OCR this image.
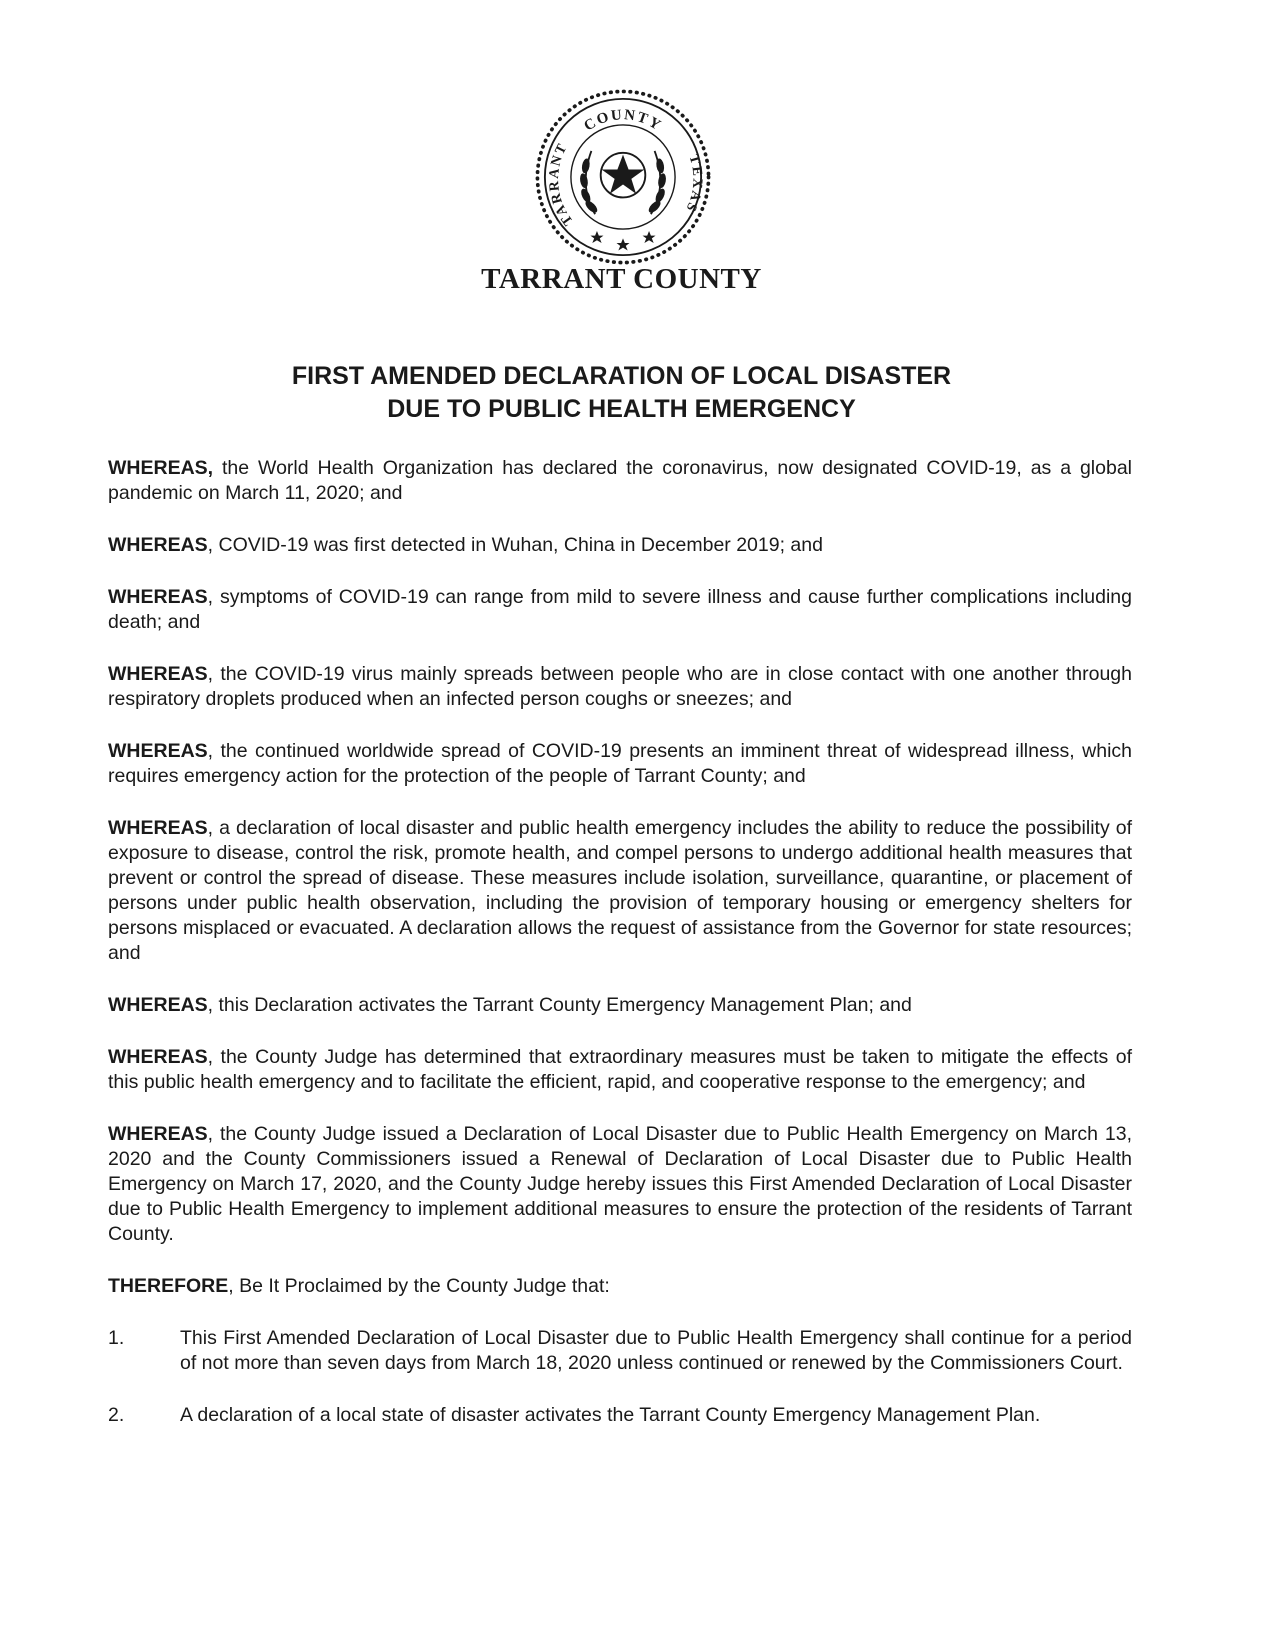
COUNTY
TARRANT
TEXAS
TARRANT COUNTY
FIRST AMENDED DECLARATION OF LOCAL DISASTER
DUE TO PUBLIC HEALTH EMERGENCY

WHEREAS, the World Health Organization has declared the coronavirus, now designated COVID-19, as a global pandemic on March 11, 2020; and

WHEREAS, COVID-19 was first detected in Wuhan, China in December 2019; and

WHEREAS, symptoms of COVID-19 can range from mild to severe illness and cause further complications including death; and

WHEREAS, the COVID-19 virus mainly spreads between people who are in close contact with one another through respiratory droplets produced when an infected person coughs or sneezes; and

WHEREAS, the continued worldwide spread of COVID-19 presents an imminent threat of widespread illness, which requires emergency action for the protection of the people of Tarrant County; and

WHEREAS, a declaration of local disaster and public health emergency includes the ability to reduce the possibility of exposure to disease, control the risk, promote health, and compel persons to undergo additional health measures that prevent or control the spread of disease. These measures include isolation, surveillance, quarantine, or placement of persons under public health observation, including the provision of temporary housing or emergency shelters for persons misplaced or evacuated. A declaration allows the request of assistance from the Governor for state resources; and

WHEREAS, this Declaration activates the Tarrant County Emergency Management Plan; and

WHEREAS, the County Judge has determined that extraordinary measures must be taken to mitigate the effects of this public health emergency and to facilitate the efficient, rapid, and cooperative response to the emergency; and

WHEREAS, the County Judge issued a Declaration of Local Disaster due to Public Health Emergency on March 13, 2020 and the County Commissioners issued a Renewal of Declaration of Local Disaster due to Public Health Emergency on March 17, 2020, and the County Judge hereby issues this First Amended Declaration of Local Disaster due to Public Health Emergency to implement additional measures to ensure the protection of the residents of Tarrant County.

THEREFORE, Be It Proclaimed by the County Judge that:

1.	This First Amended Declaration of Local Disaster due to Public Health Emergency shall continue for a period of not more than seven days from March 18, 2020 unless continued or renewed by the Commissioners Court.
2.	A declaration of a local state of disaster activates the Tarrant County Emergency Management Plan.
